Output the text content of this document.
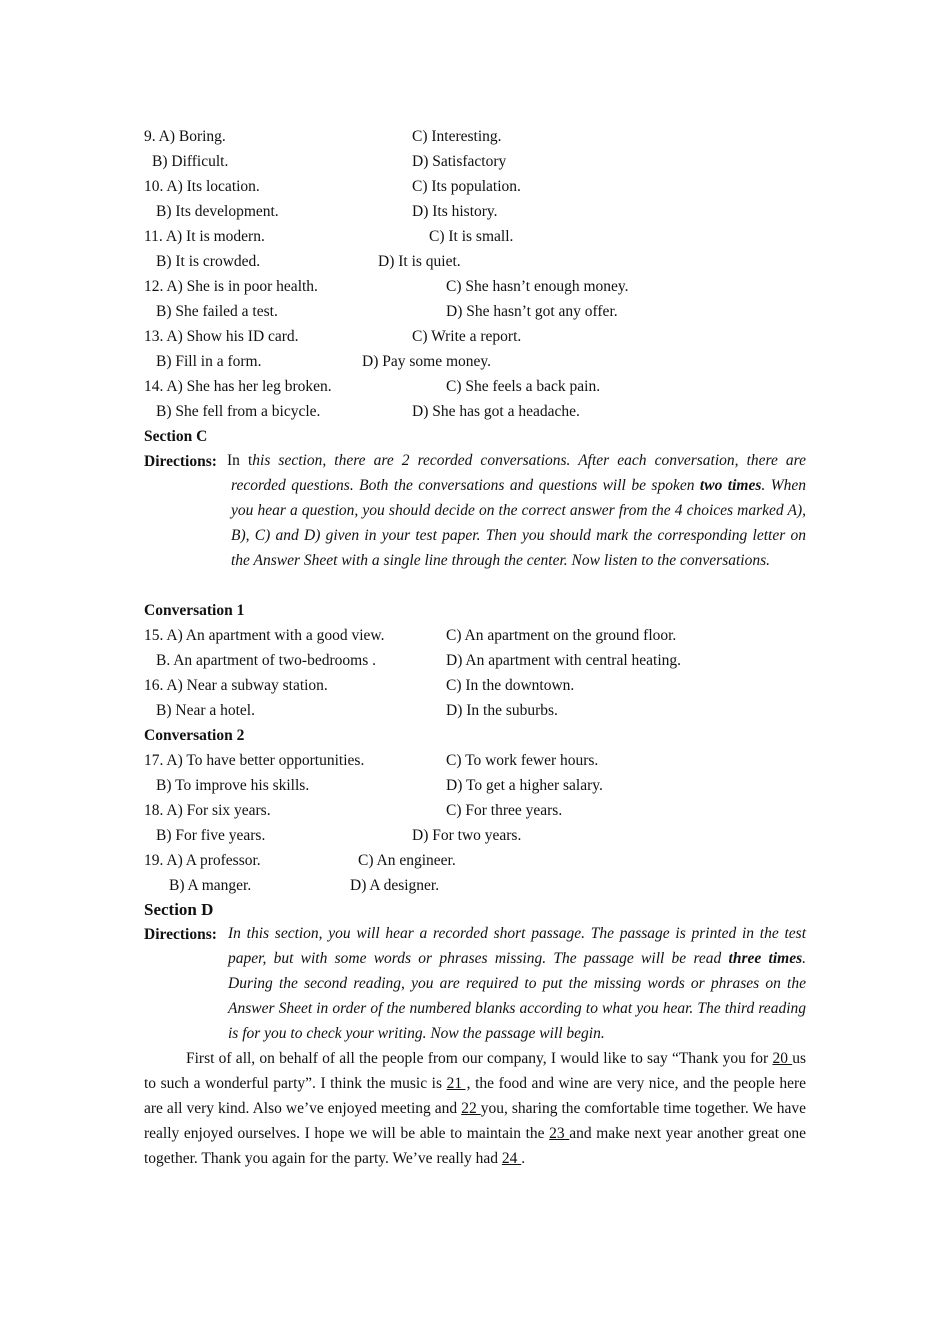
9. A) Boring.	C) Interesting.
B) Difficult.	D) Satisfactory
10. A) Its location.	C) Its population.
B) Its development.	D) Its history.
11. A) It is modern.	C) It is small.
B) It is crowded.	D) It is quiet.
12. A) She is in poor health.	C) She hasn’t enough money.
B) She failed a test.	D) She hasn’t got any offer.
13. A) Show his ID card.	C) Write a report.
B) Fill in a form.	D) Pay some money.
14. A) She has her leg broken.	C) She feels a back pain.
B) She fell from a bicycle.	D) She has got a headache.
Section C
Directions: In this section, there are 2 recorded conversations. After each conversation, there are recorded questions. Both the conversations and questions will be spoken two times. When you hear a question, you should decide on the correct answer from the 4 choices marked A), B), C) and D) given in your test paper. Then you should mark the corresponding letter on the Answer Sheet with a single line through the center. Now listen to the conversations.
Conversation 1
15. A) An apartment with a good view.	C) An apartment on the ground floor.
B. An apartment of two-bedrooms .	D) An apartment with central heating.
16. A) Near a subway station.	C) In the downtown.
B) Near a hotel.	D) In the suburbs.
Conversation 2
17. A) To have better opportunities.	C) To work fewer hours.
B) To improve his skills.	D) To get a higher salary.
18. A) For six years.	C) For three years.
B) For five years.	D) For two years.
19. A) A professor.	C) An engineer.
B) A manger.	D) A designer.
Section D
Directions: In this section, you will hear a recorded short passage. The passage is printed in the test paper, but with some words or phrases missing. The passage will be read three times. During the second reading, you are required to put the missing words or phrases on the Answer Sheet in order of the numbered blanks according to what you hear. The third reading is for you to check your writing. Now the passage will begin.
First of all, on behalf of all the people from our company, I would like to say “Thank you for 20 us to such a wonderful party”. I think the music is 21 , the food and wine are very nice, and the people here are all very kind. Also we’ve enjoyed meeting and 22 you, sharing the comfortable time together. We have really enjoyed ourselves. I hope we will be able to maintain the 23 and make next year another great one together. Thank you again for the party. We’ve really had 24 .
